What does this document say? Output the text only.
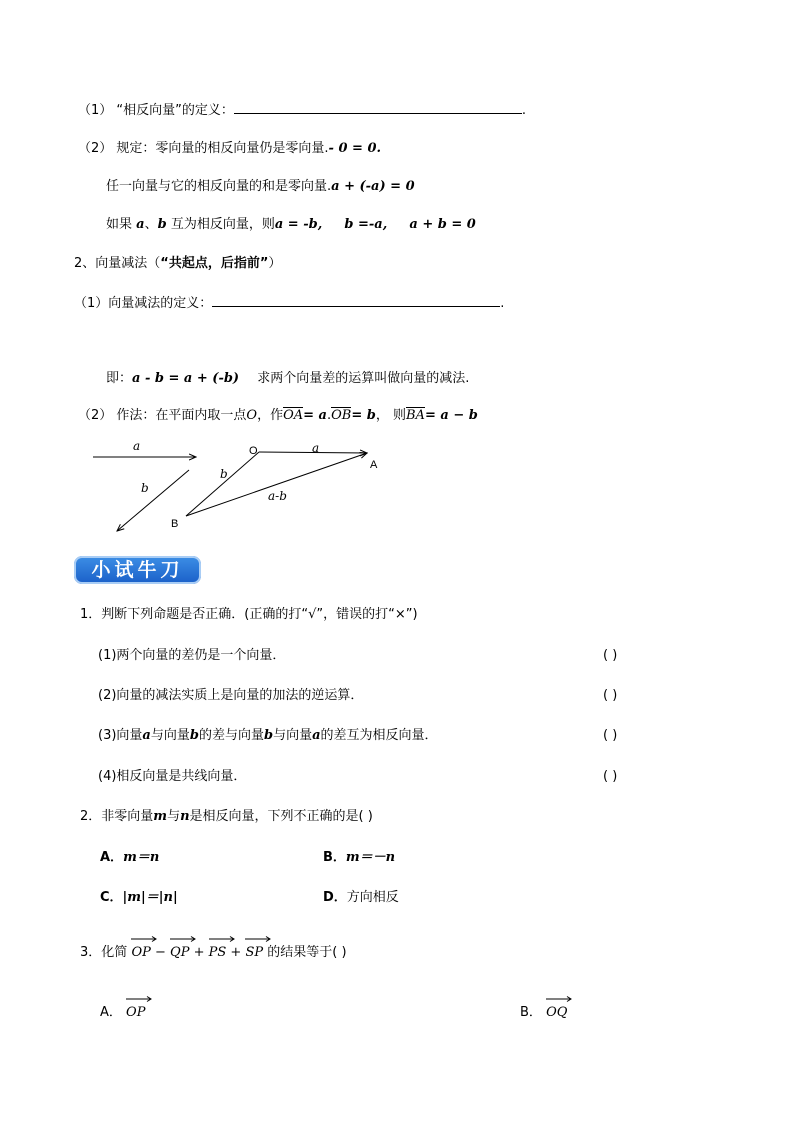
（1） “相反向量”的定义：	.
（2） 规定：零向量的相反向量仍是零向量.- 0 = 0.
任一向量与它的相反向量的和是零向量.a + (-a) = 0
如果 a、b 互为相反向量，则a = -b, b =-a, a + b = 0
2、向量减法（“共起点，后指前”）
（1）向量减法的定义：	.
即：a - b = a + (-b) 求两个向量差的运算叫做向量的减法.
（2） 作法：在平面内取一点O，作OA= a.OB= b， 则BA= a − b
a
b
O	a
A
b
a-b
B
小试牛刀
1．判断下列命题是否正确．(正确的打“√”，错误的打“×”)
(1)两个向量的差仍是一个向量．	( )
(2)向量的减法实质上是向量的加法的逆运算．	( )
(3)向量a与向量b的差与向量b与向量a的差互为相反向量．	( )
(4)相反向量是共线向量．	( )
2．非零向量m与n是相反向量，下列不正确的是( )
A．m＝n	B．m＝－n
C．|m|＝|n|	D．方向相反
3．化简 OP − QP + PS + SP 的结果等于( )
A． OP	B． OQ
